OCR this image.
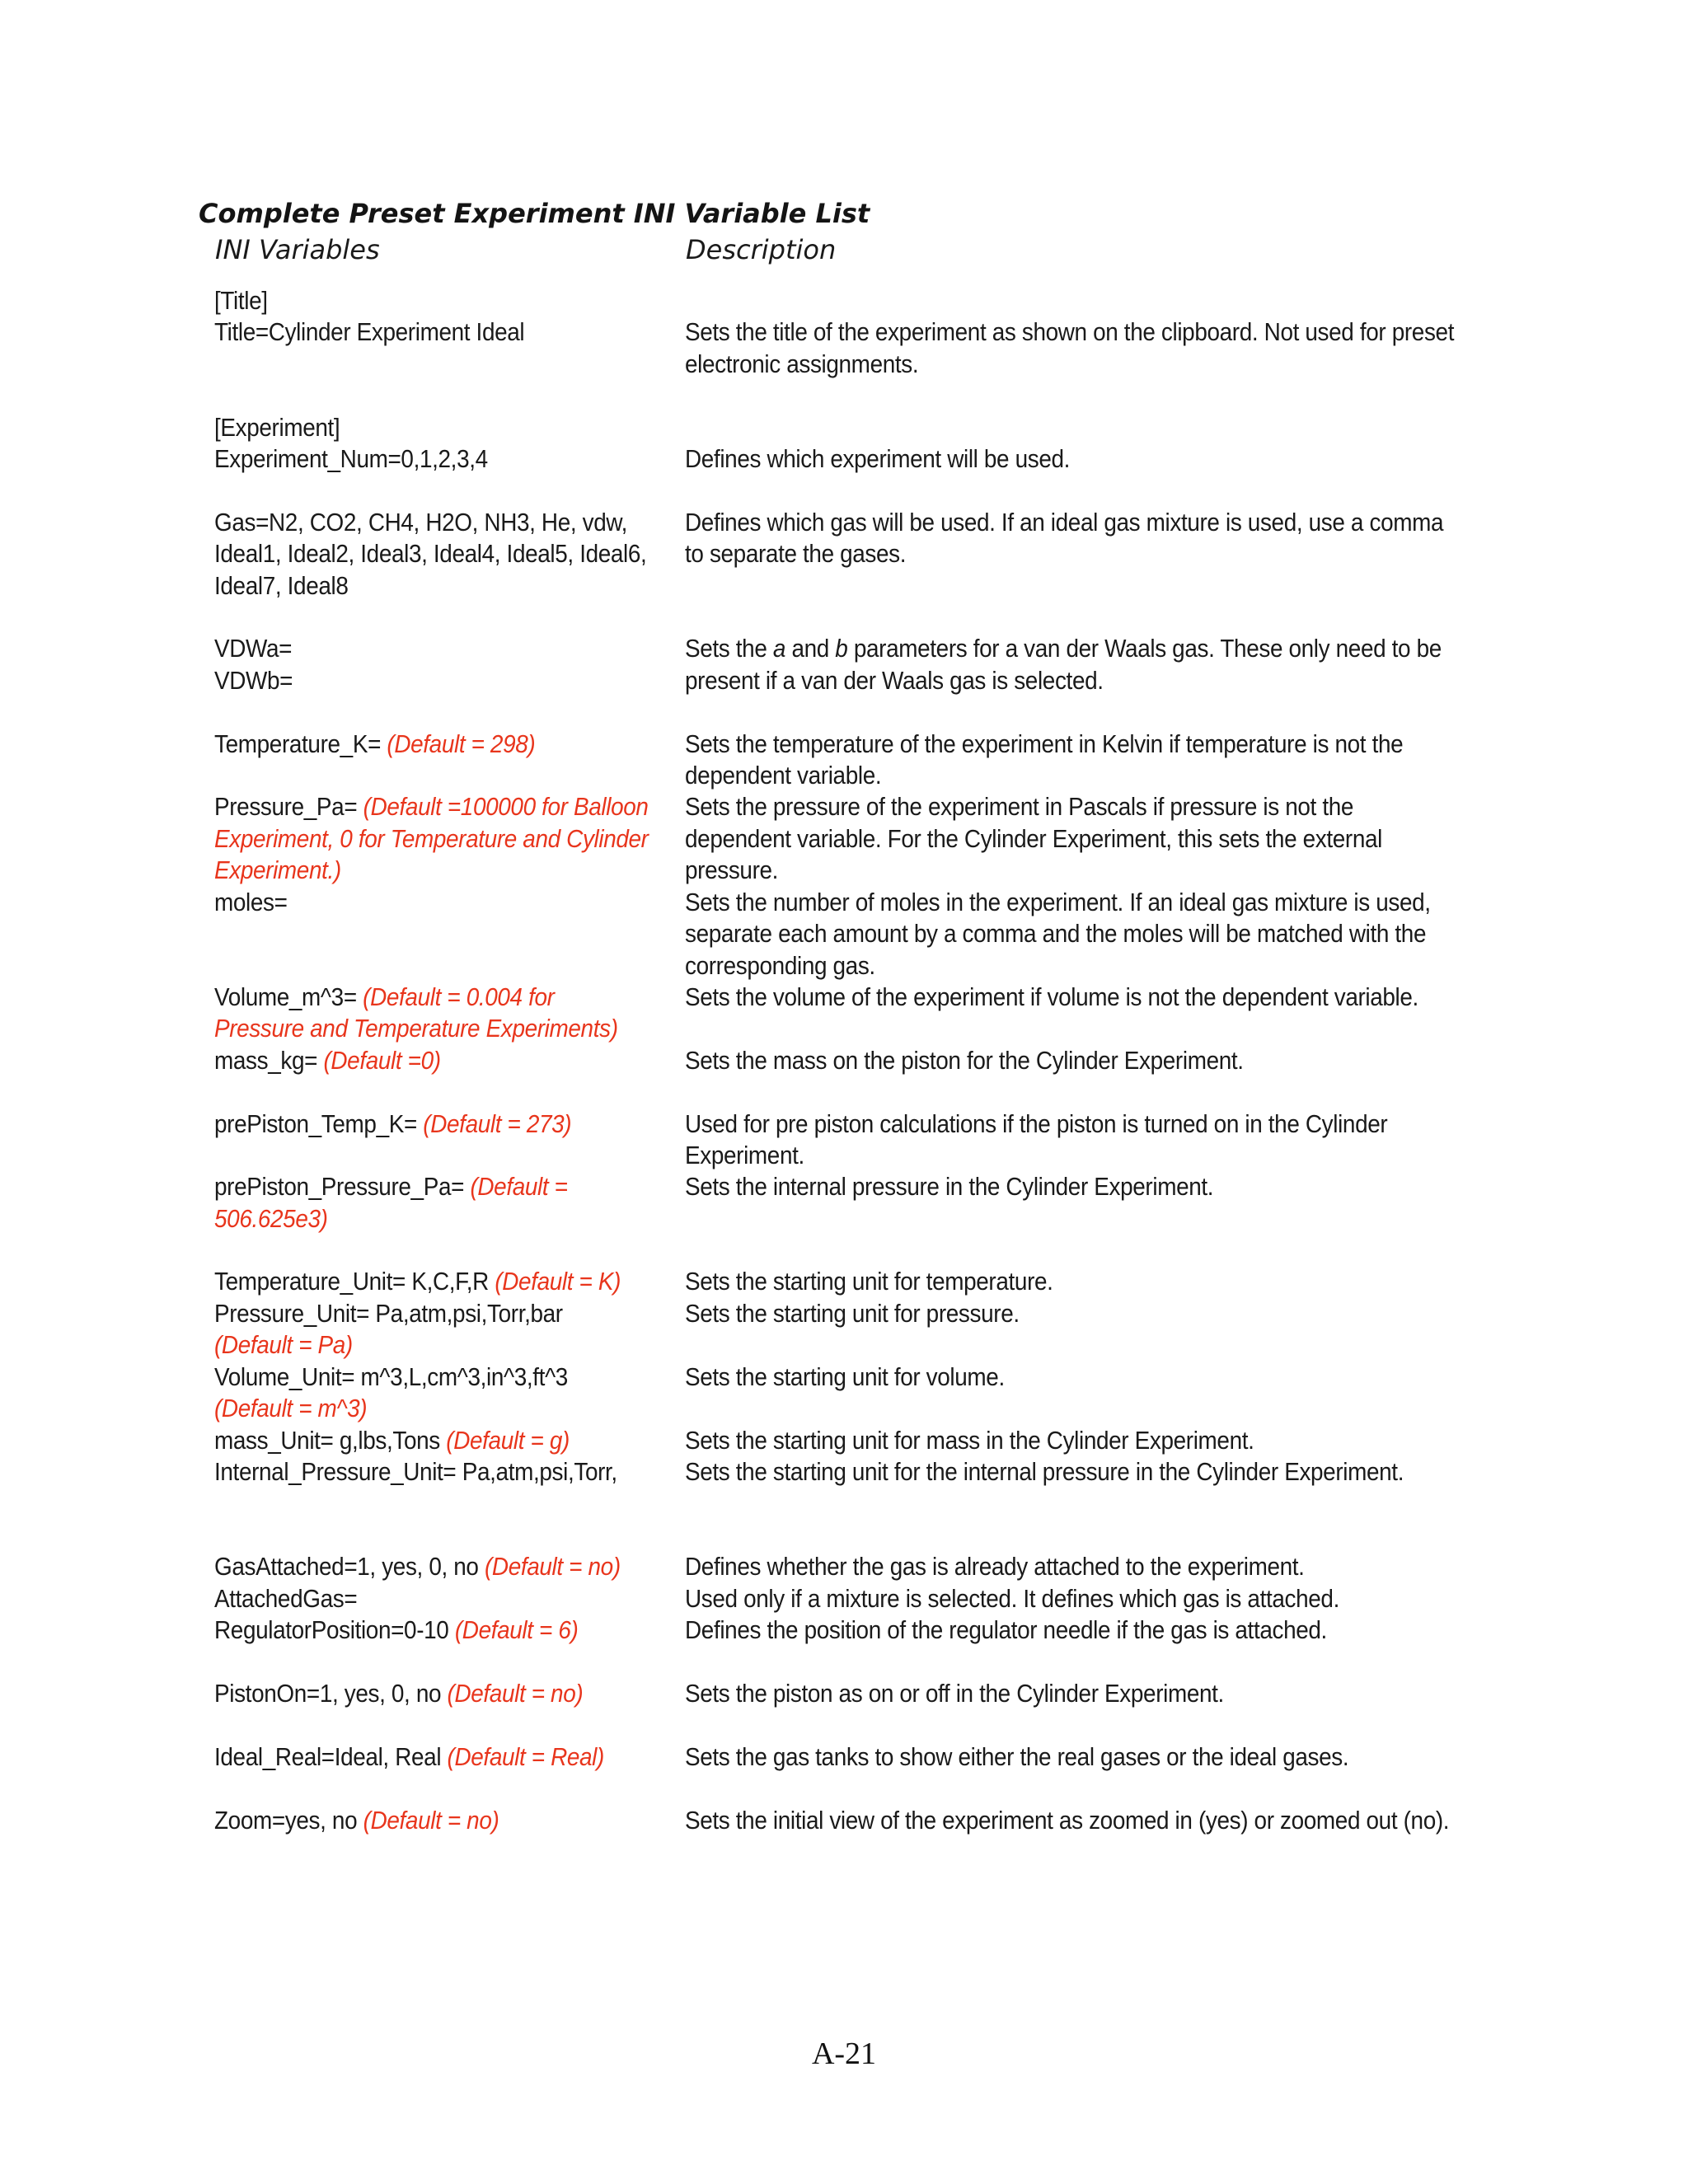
Complete Preset Experiment INI Variable List
INI Variables	Description
[Title]
Title=Cylinder Experiment Ideal
[Experiment]
Experiment_Num=0,1,2,3,4
Gas=N2, CO2, CH4, H2O, NH3, He, vdw,
Ideal1, Ideal2, Ideal3, Ideal4, Ideal5, Ideal6,
Ideal7, Ideal8
VDWa=
VDWb=
Temperature_K= (Default = 298)
Pressure_Pa= (Default =100000 for Balloon
Experiment, 0 for Temperature and Cylinder
Experiment.)
moles=
Volume_m^3= (Default = 0.004 for
Pressure and Temperature Experiments)
mass_kg= (Default =0)
prePiston_Temp_K= (Default = 273)
prePiston_Pressure_Pa= (Default =
506.625e3)
Temperature_Unit= K,C,F,R (Default = K)
Pressure_Unit= Pa,atm,psi,Torr,bar
(Default = Pa)
Volume_Unit= m^3,L,cm^3,in^3,ft^3
(Default = m^3)
mass_Unit= g,lbs,Tons (Default = g)
Internal_Pressure_Unit= Pa,atm,psi,Torr,
GasAttached=1, yes, 0, no (Default = no)
AttachedGas=
RegulatorPosition=0-10 (Default = 6)
PistonOn=1, yes, 0, no (Default = no)
Ideal_Real=Ideal, Real (Default = Real)
Zoom=yes, no (Default = no)
Sets the title of the experiment as shown on the clipboard. Not used for preset
electronic assignments.
Defines which experiment will be used.
Defines which gas will be used. If an ideal gas mixture is used, use a comma
to separate the gases.
Sets the a and b parameters for a van der Waals gas. These only need to be
present if a van der Waals gas is selected.
Sets the temperature of the experiment in Kelvin if temperature is not the
dependent variable.
Sets the pressure of the experiment in Pascals if pressure is not the
dependent variable. For the Cylinder Experiment, this sets the external
pressure.
Sets the number of moles in the experiment. If an ideal gas mixture is used,
separate each amount by a comma and the moles will be matched with the
corresponding gas.
Sets the volume of the experiment if volume is not the dependent variable.
Sets the mass on the piston for the Cylinder Experiment.
Used for pre piston calculations if the piston is turned on in the Cylinder
Experiment.
Sets the internal pressure in the Cylinder Experiment.
Sets the starting unit for temperature.
Sets the starting unit for pressure.
Sets the starting unit for volume.
Sets the starting unit for mass in the Cylinder Experiment.
Sets the starting unit for the internal pressure in the Cylinder Experiment.
Defines whether the gas is already attached to the experiment.
Used only if a mixture is selected. It defines which gas is attached.
Defines the position of the regulator needle if the gas is attached.
Sets the piston as on or off in the Cylinder Experiment.
Sets the gas tanks to show either the real gases or the ideal gases.
Sets the initial view of the experiment as zoomed in (yes) or zoomed out (no).
A-21
